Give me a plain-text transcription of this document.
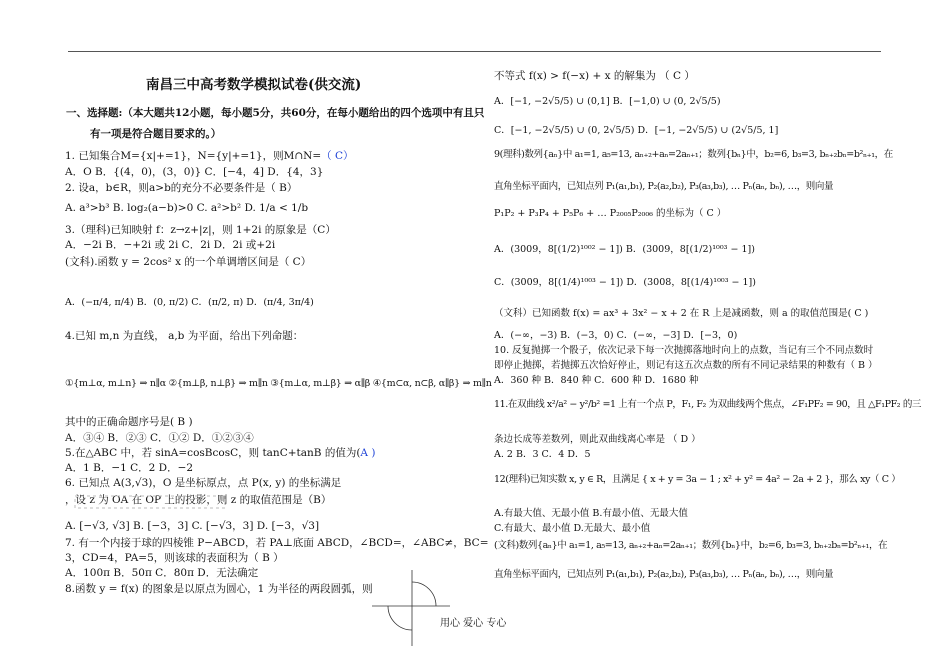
南昌三中高考数学模拟试卷(供交流)
一、选择题:（本大题共12小题，每小题5分，共60分，在每小题给出的四个选项中有且只
有一项是符合题目要求的。）
1. 已知集合M={x|+=1}，N={y|+=1}，则M∩N=（ C）
A．O B．{(4，0)，(3，0)} C．[−4，4] D．{4，3}
2. 设a，b∈R，则a>b的充分不必要条件是（ B）
A. a³>b³ B. log₂(a−b)>0 C. a²>b² D. 1/a < 1/b
3.（理科)已知映射 f：z→z+|z|，则 1+2i 的原象是（C）
A．−2i B．−+2i 或 2i C．2i D．2i 或+2i
(文科).函数 y = 2cos² x 的一个单调增区间是（ C）
A．(−π/4, π/4) B．(0, π/2) C．(π/2, π) D．(π/4, 3π/4)
4.已知 m,n 为直线， a,b 为平面，给出下列命题：
①{m⊥α, m⊥n} ⇒ n∥α ②{m⊥β, n⊥β} ⇒ m∥n ③{m⊥α, m⊥β} ⇒ α∥β ④{m⊂α, n⊂β, α∥β} ⇒ m∥n
其中的正确命题序号是( B )
A．③④ B．②③ C．①② D．①②③④
5.在△ABC 中，若 sinA=cosBcosC，则 tanC+tanB 的值为(A )
A．1 B．−1 C．2 D．−2
6. 已知点 A(3,√3)，O 是坐标原点，点 P(x, y) 的坐标满足
，设 z 为 OA 在 OP 上的投影，则 z 的取值范围是（B）
A. [−√3, √3] B. [−3，3] C. [−√3，3] D. [−3，√3]
7. 有一个内接于球的四棱锥 P−ABCD，若 PA⊥底面 ABCD，∠BCD=，∠ABC≠，BC=
3，CD=4，PA=5，则该球的表面积为（ B ）
A．100π B．50π C．80π D．无法确定
8.函数 y = f(x) 的图象是以原点为圆心，1 为半径的两段圆弧，则
不等式 f(x) > f(−x) + x 的解集为 （ C ）
A．[−1, −2√5/5) ∪ (0,1] B．[−1,0) ∪ (0, 2√5/5)
C．[−1, −2√5/5) ∪ (0, 2√5/5) D．[−1, −2√5/5) ∪ (2√5/5, 1]
9(理科)数列{aₙ}中 a₁=1, a₅=13, aₙ₊₂+aₙ=2aₙ₊₁；数列{bₙ}中，b₂=6, b₃=3, bₙ₊₂bₙ=b²ₙ₊₁，在
直角坐标平面内，已知点列 P₁(a₁,b₁), P₂(a₂,b₂), P₃(a₃,b₃), … Pₙ(aₙ, bₙ), …，则向量
P₁P₂ + P₃P₄ + P₅P₆ + … P₂₀₀₅P₂₀₀₆ 的坐标为（ C ）
A．(3009，8[(1/2)¹⁰⁰² − 1]) B．(3009，8[(1/2)¹⁰⁰³ − 1])
C．(3009，8[(1/4)¹⁰⁰³ − 1]) D．(3008，8[(1/4)¹⁰⁰³ − 1])
（文科）已知函数 f(x) = ax³ + 3x² − x + 2 在 R 上是减函数，则 a 的取值范围是( C )
A．(−∞，−3) B．(−3，0) C．(−∞，−3] D．[−3，0)
10. 反复抛掷一个骰子，依次记录下每一次抛掷落地时向上的点数，当记有三个不同点数时
即停止抛掷，若抛掷五次恰好停止，则记有这五次点数的所有不同记录结果的种数有（ B ）
A．360 种 B．840 种 C．600 种 D．1680 种
11.在双曲线 x²/a² − y²/b² =1 上有一个点 P，F₁, F₂ 为双曲线两个焦点，∠F₁PF₂ = 90，且 △F₁PF₂ 的三
条边长成等差数列，则此双曲线离心率是 （ D ）
A. 2 B．3 C．4 D．5
12(理科)已知实数 x, y ∈ R，且满足 { x + y = 3a − 1 ; x² + y² = 4a² − 2a + 2 }，那么 xy（ C ）
A.有最大值、无最小值 B.有最小值、无最大值
C.有最大、最小值 D.无最大、最小值
(文科)数列{aₙ}中 a₁=1, a₅=13, aₙ₊₂+aₙ=2aₙ₊₁；数列{bₙ}中，b₂=6, b₃=3, bₙ₊₂bₙ=b²ₙ₊₁，在
直角坐标平面内，已知点列 P₁(a₁,b₁), P₂(a₂,b₂), P₃(a₃,b₃), … Pₙ(aₙ, bₙ), …，则向量
用心 爱心 专心
